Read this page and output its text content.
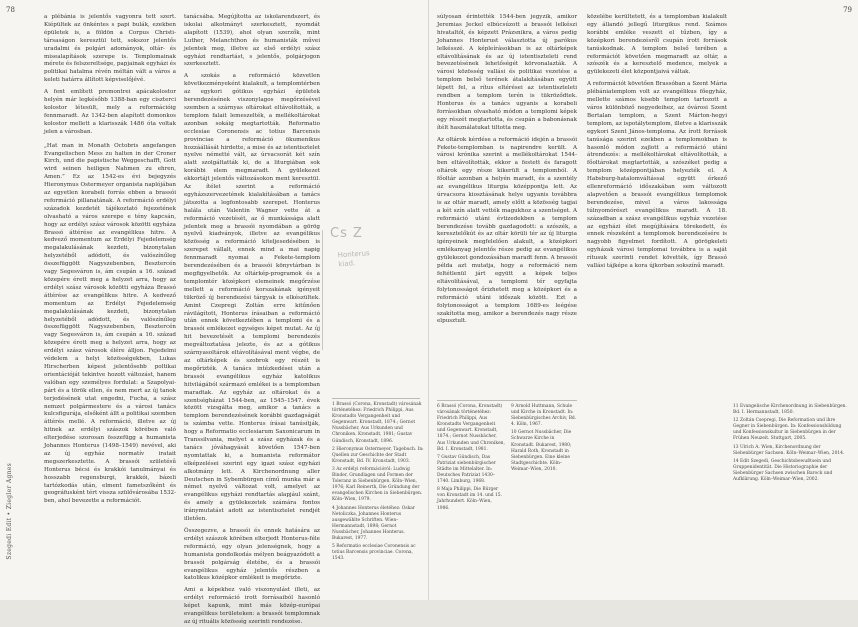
78
Szegedi Edit • Ziegler Ágnes

a plébánia is jelentős vagyonra tett szert. Kiépültek az önkéntes s papi bulák, ezekben épületek is, a földön a Corpus Christi-társaságon keresztül tett, sokszor jelentős uradalmi és polgári adományok, oltár- és misealapítások szerepe is. Templomainak mérete és felszereltsége, papjainak egyházi és politikai hatalma révén méltán vált a város a keleti határra állított képviselőjévé.

A fent említett premontrei apácakolostor helyén már legkésőbb 1388-ban egy ciszterci kolostor létesült, mely a reformációig fennmaradt. Az 1342-ben alapított domonkos kolostor mellett a klarisszák 1486 óta voltak jelen a városban.

„Hat man in Monath Octobris angefangen Evangelischen Mess zu halten in der Croner Kirch, und die papistische Weggeschafft, Gott wird seinen heiligen Nahmen zu ehren, Amen.” Ez az 1542-es évi bejegyzés Hieronymus Ostermeyer organista naplójában az egyetlen korabeli forrás ebben a brassói reformáció pillanatának. A reformáció erdélyi századok kezdetét tájékoztató fejezetének olvasható a város szerepe e tény kapcsán, hogy az erdélyi szász városok közötti egyháza Brassó áttérése az evangélikus hitre. A kedvező momentum az Erdélyi Fejedelemség megalakulásának kezdeti, bizonytalan helyzetéből adódott, és valószínűleg összefüggött Nagyszebenben, Besztercén vagy Segesváron is, ám csupán a 16. század közepére érett meg a helyzet arra, hogy az erdélyi szász városok közötti egyháza Brassó áttérése az evangélikus hitre. A kedvező momentum az Erdélyi Fejedelemség megalakulásának kezdeti, bizonytalan helyzetéből adódott, és valószínűleg összefüggött Nagyszebenben, Besztercén vagy Segesváron is, ám csupán a 16. század közepére érett meg a helyzet arra, hogy az erdélyi szász városok élére álljon. Fejedelmi védelem a helyi közösségekben, Lukas Hirscherben képest jelentősebb poltikai orientációját tekintve hozott változást, hanem valóban egy személyes fordulat: a Szapolyai-párt és a török ellen, és nem mert az új tanok terjedésének utat engedni, Fucha, a szász nemzet polgármestere és a városi tanács kulcsfigurája, elsőként állt a politikai szemben áttérés mellé. A reformáció, illetve az új hitnek az erdélyi szászok körében való elterjedése szorosan összefügg a humanista Johannes Honterus (1498–1549) nevével, aki az új egyház normatív iratait megszerkesztette. A brassói születésű Honterus bécsi és krakkói tanulmányai és hosszabb regensburgi, krakkói, bázeli tartózkodás után, elment fametszőként és geográfusként tért vissza szülővárosába 1532-ben, ahol bevezette a reformációt.

tanácsába. Megújította az iskolarendszert, és iskolai alkotmányt szerkesztett, nyomdát alapított (1539), ahol olyan szerzők, mint Luther, Melanchthon és humanisták művei jelentek meg, illetve az első erdélyi szász egyházi rendtartást, s jelentős, polgárjogon szerkesztett.

A szokás a reformáció közvetlen következményeként kialakult, a templomtérben az egykori gótikus egyházi épületek berendezésének viszonylagos megőrzésével szemben a szárnyas oltárokat eltávolították, a templom falait lemeszelték, a mellékoltárokat azonban sokáig megtartották. Reformatio ecclesiae Coronensis ac totius Barcensis provinciae a reformáció ökumenikus hozzáállását hirdette, a mise és az istentisztelet nyelve németté vált, az úrvacsorát két szín alatt szolgáltatták ki, de a liturgiában sok korábbi elem megmaradt. A gyülekezet ekkortájt jelentős változásokon ment keresztül. Az ítélet szerint a reformáció egyházszervezetének kialakításában a tanács játszotta a legfontosabb szerepet. Honterus halála után Valentin Wagner vette át a reformáció vezetését, az ő munkássága alatt jelentek meg a brassói nyomdában a görög nyelvű kiadványok, illetve az evangélikus közösség a reformáció kiteljesedésében is szerepet vállalt, ennek mind a mai napig fennmaradt nyomai a Fekete-templom berendezésében és a brassói könyvtárban is megfigyelhetők. Az oltárkép-programok és a templomtér középkori elemeinek megőrzése mellett a reformáció korszakának igényeit tükröző új berendezési tárgyak is elkészültek. Amint Czepregi Zoltán erre kitűnően rávilágított, Honterus írásaiban a reformáció után ennek következtében a templomi és a brassói emlékezet egységes képet mutat. Az új hit bevezetését a templomi berendezés megváltoztatása jelezte, és az a gótikus szárnyasoltárok eltávolításával ment végbe, de az oltárképek és szobrok egy részét is megőrizték. A tanács intézkedései után a brassói evangélikus egyház katolikus hitvilágából származó emlékei is a templomban maradtak. Az egyház az oltárokat és a szentségházat 1544-ben, az 1545–1547. évek között vizsgálta meg, amikor a tanács a templom berendezésének korábbi gazdagságát is számba vette. Honterus írásai tanúsítják, hogy a Reformatio ecclesiarum Saxonicarum in Transsilvania, melyet a szász egyházak és a tanács jóváhagyását követően 1547-ben nyomtattak ki, a humanista reformátor elképzelései szerint egy igazi szász egyházi alkotmány lett. A Kirchenordnung aller Deutschen in Sybembürgen című munka már a német nyelvű változat volt, amelyet az evangélikus egyházi rendtartás alapjául szánt, és amely a gyülekezetek számára fontos iránymutatást adott az istentisztelet rendjét illetően.

Összegezve, a brassói és ennek hatására az erdélyi szászok körében elterjedt Honterus-féle reformáció, egy olyan jelenségnek, hogy a humanista gondolkodás mélyen beágyazódott a brassói polgárság életébe, és a brassói evangélikus egyház jelentős részben a katolikus középkor emlékeit is megőrizte.

Ami a képekhez való viszonyulást illeti, az erdélyi reformáció irott forrásaiból hasonló képet kapunk, mint más közép-európai evangélikus területeken: a brassói templomnak az új rituális közösség szerinti rendezése.

Cs Z
Honterus kiad.

1 Brassó (Corona, Kronstadt) városának történetéhez: Friedrich Philippi, Aus Kronstadts Vergangenheit und Gegenwart. Kronstadt, 1874.; Gernot Nussbächer, Aus Urkunden und Chroniken. Kronstadt, 1981; Gustav Gündisch, Kronstadt, 1896.

2 Hieronymus Ostermeyer, Tagebuch. In: Quellen zur Geschichte der Stadt Kronstadt, Bd. IV. Kronstadt, 1903.

3 Az erdélyi reformációról: Ludwig Binder, Grundlagen und Formen der Toleranz in Siebenbürgen. Köln–Wien, 1976; Karl Reinerth, Die Gründung der evangelischen Kirchen in Siebenbürgen. Köln–Wien, 1979.

4 Johannes Honterus életéhez: Oskar Netoliczka, Johannes Honterus ausgewählte Schriften. Wien–Hermannstadt, 1898; Gernot Nussbächer, Johannes Honterus. Bukarest, 1977.

5 Reformatio ecclesiae Coronensis ac totius Barcensis provinciae. Corona, 1543.

79

súlyosan érintették 1544-ben jegyzik, amikor Jeremias Jeckel elbúcsúzott a brassói lelkészi hivataltól, és képzett Prázsnikra, a város pedig Johannes Honterust választotta új parókus lelkésszé. A képleírásokban is az oltárképek eltávolításának és az új istentiszteleti rend bevezetésének lehetőségét körvonalazták. A városi közösség vallási és politikai vezetése a templom belső terének átalakításában együtt lépett fel, a rítus eltérései az istentiszteleti rendben a templom terén is tükröződtek. Honterus és a tanács ugyanis a korabeli forrásokban olvasható módon a templomi képek egy részét megtartotta, és csupán a babonásnak ítélt használatukat tiltotta meg.

Az oltárok kérdése a reformáció idején a brassói Fekete-templomban is napirendre került. A városi krónika szerint a mellékoltárokat 1544-ben eltávolították, ekkor a festett és faragott oltárok egy része kikerült a templomból. A főoltár azonban a helyén maradt, és a szentély az evangélikus liturgia középpontja lett. Az úrvacsora kiosztásának helye ugyanis továbbra is az oltár maradt, amely előtt a közösség tagjai a két szín alatt vették magukhoz a szentséget. A reformáció utáni évtizedekben a templom berendezése tovább gazdagodott: a szószék, a keresztelőkút és az oltár körüli tér az új liturgia igényeinek megfelelően alakult, a középkori emlékanyag jelentős része pedig az evangélikus gyülekezet gondozásában maradt fenn. A brassói példa azt mutatja, hogy a reformáció nem feltétlenül járt együtt a képek teljes eltávolításával, a templomi tér egyfajta folytonosságot őrizhetett meg a középkori és a reformáció utáni időszak között. Ezt a folytonosságot a templom 1689-es leégése szakította meg, amikor a berendezés nagy része elpusztult.

közelébe kerültetett, és a templomban kialakult egy állandó jellegű liturgikus rend. Számos korábbi emléke veszett el tűzben, így a középkori berendezésről csupán írott források tanúskodnak. A templom belső terében a reformációt követően megmaradt az oltár, a szószék és a keresztelő medence, melyek a gyülekezeti élet központjaivá váltak.

A reformációt követően Brassóban a Szent Mária plébániatemplom volt az evangélikus főegyház, mellette számos kisebb templom tartozott a város különböző negyedeihez, az óvárosi Szent Bertalan templom, a Szent Márton-hegyi templom, az ispotálytemplom, illetve a klarisszák egykori Szent János-temploma. Az írott források tanúsága szerint ezekben a templomokban is hasonló módon zajlott a reformáció utáni átrendezés: a mellékoltárokat eltávolították, a főoltárokat megtartották, a szószéket pedig a templom középpontjában helyezték el. A Habsburg-hatalomváltással együtt érkező ellenreformáció időszakában sem változott alapvetően a brassói evangélikus templomok berendezése, mivel a város lakossága túlnyomórészt evangélikus maradt. A 18. században a szász evangélikus egyház vezetése az egyházi élet megújítására törekedett, és ennek részeként a templomok berendezésére is nagyobb figyelmet fordított. A görögkeleti egyházak városi templomai továbbra is a saját rítusuk szerinti rendet követték, így Brassó vallási tájképe a kora újkorban sokszínű maradt.

6 Brassó (Corona, Kronstadt) városának történetéhez: Friedrich Philippi, Aus Kronstadts Vergangenheit und Gegenwart. Kronstadt, 1874.; Gernot Nussbächer, Aus Urkunden und Chroniken, Bd. I. Kronstadt, 1981.

7 Gustav Gündisch, Das Patriziat siebenbürgischer Städte im Mittelalter. In: Deutsches Patriziat 1430–1740. Limburg, 1968.

8 Maja Philippi, Die Bürger von Kronstadt im 14. und 15. Jahrhundert. Köln–Wien, 1986.

9 Arnold Huttmann, Schule und Kirche in Kronstadt. In: Siebenbürgisches Archiv, Bd. 4. Köln, 1967.

10 Gernot Nussbächer, Die Schwarze Kirche in Kronstadt. Bukarest, 1980; Harald Roth, Kronstadt in Siebenbürgen. Eine kleine Stadtgeschichte. Köln–Weimar–Wien, 2010.

11 Evangelische Kirchenordnung in Siebenbürgen. Bd. I. Hermannstadt, 1850.

12 Zoltán Csepregi, Die Reformation und ihre Gegner in Siebenbürgen. In: Konfessionsbildung und Konfessionskultur in Siebenbürgen in der Frühen Neuzeit. Stuttgart, 2005.

13 Ulrich A. Wien, Kirchenordnung der Siebenbürger Sachsen. Köln–Weimar–Wien, 2014.

14 Edit Szegedi, Geschichtsbewußtsein und Gruppenidentität. Die Historiographie der Siebenbürger Sachsen zwischen Barock und Aufklärung. Köln–Weimar–Wien, 2002.
